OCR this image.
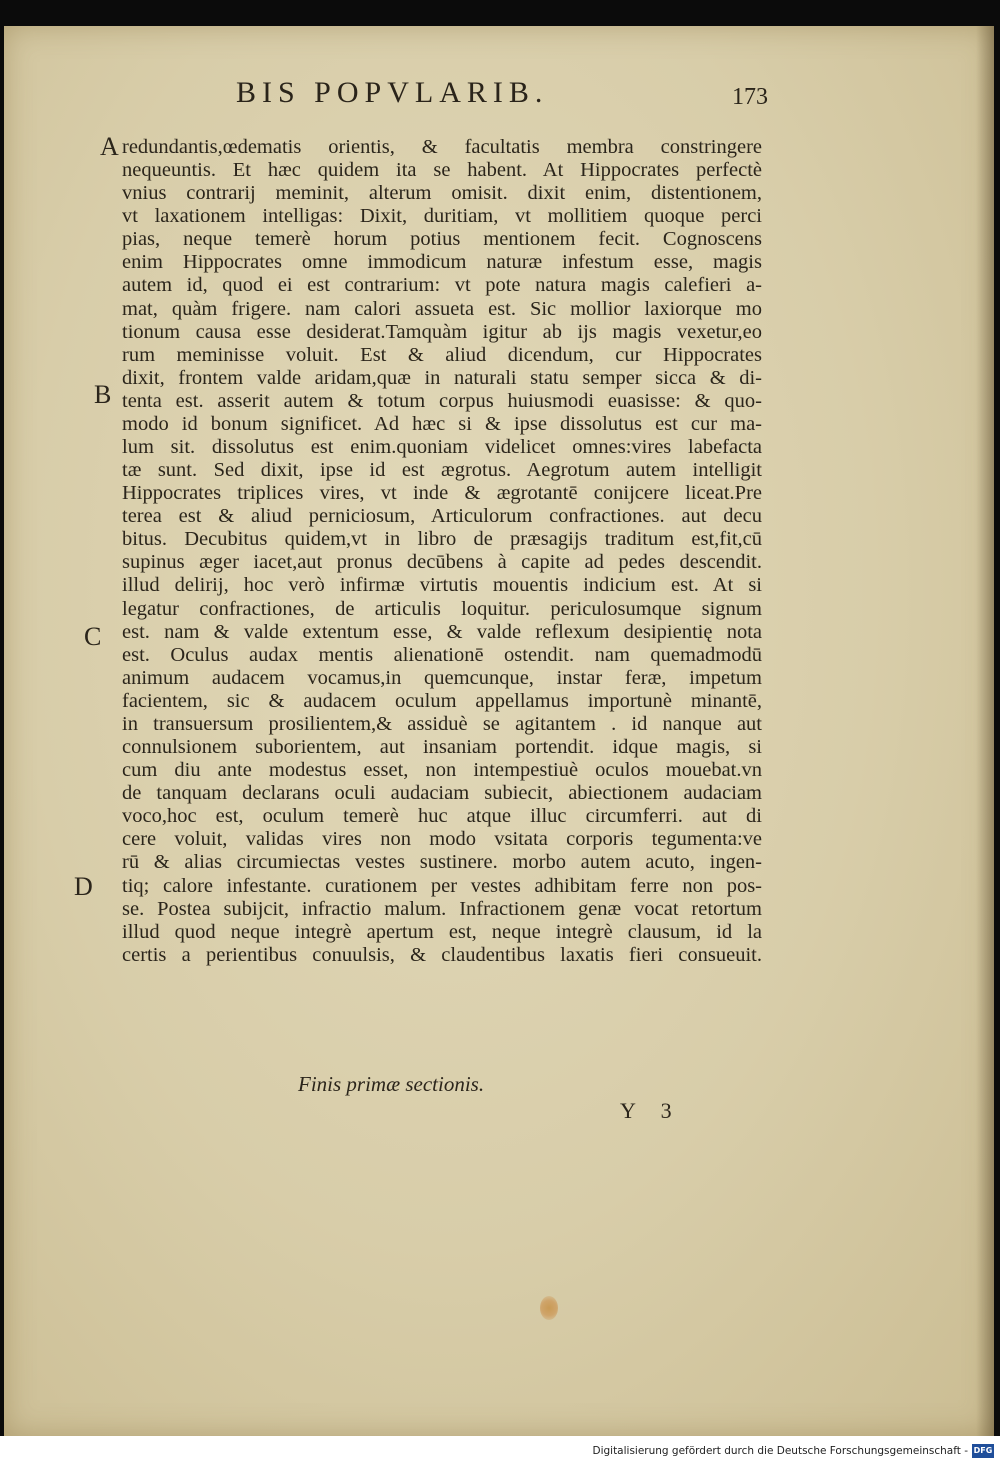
BIS POPVLARIB.	173
A
B
C
D
redundantis,œdematis orientis, & facultatis membra constringere
nequeuntis. Et hæc quidem ita se habent. At Hippocrates perfectè
vnius contrarij meminit, alterum omisit. dixit enim, distentionem,
vt laxationem intelligas: Dixit, duritiam, vt mollitiem quoque perci
pias, neque temerè horum potius mentionem fecit. Cognoscens
enim Hippocrates omne immodicum naturæ infestum esse, magis
autem id, quod ei est contrarium: vt pote natura magis calefieri a-
mat, quàm frigere. nam calori assueta est. Sic mollior laxiorque mo
tionum causa esse desiderat.Tamquàm igitur ab ijs magis vexetur,eo
rum meminisse voluit. Est & aliud dicendum, cur Hippocrates
dixit, frontem valde aridam,quæ in naturali statu semper sicca & di-
tenta est. asserit autem & totum corpus huiusmodi euasisse: & quo-
modo id bonum significet. Ad hæc si & ipse dissolutus est cur ma-
lum sit. dissolutus est enim.quoniam videlicet omnes:vires labefacta
tæ sunt. Sed dixit, ipse id est ægrotus. Aegrotum autem intelligit
Hippocrates triplices vires, vt inde & ægrotantē conijcere liceat.Pre
terea est & aliud perniciosum, Articulorum confractiones. aut decu
bitus. Decubitus quidem,vt in libro de præsagijs traditum est,fit,cū
supinus æger iacet,aut pronus decūbens à capite ad pedes descendit.
illud delirij, hoc verò infirmæ virtutis mouentis indicium est. At si
legatur confractiones, de articulis loquitur. periculosumque signum
est. nam & valde extentum esse, & valde reflexum desipientię nota
est. Oculus audax mentis alienationē ostendit. nam quemadmodū
animum audacem vocamus,in quemcunque, instar feræ, impetum
facientem, sic & audacem oculum appellamus importunè minantē,
in transuersum prosilientem,& assiduè se agitantem . id nanque aut
connulsionem suborientem, aut insaniam portendit. idque magis, si
cum diu ante modestus esset, non intempestiuè oculos mouebat.vn
de tanquam declarans oculi audaciam subiecit, abiectionem audaciam
voco,hoc est, oculum temerè huc atque illuc circumferri. aut di
cere voluit, validas vires non modo vsitata corporis tegumenta:ve
rū & alias circumiectas vestes sustinere. morbo autem acuto, ingen-
tiq; calore infestante. curationem per vestes adhibitam ferre non pos-
se. Postea subijcit, infractio malum. Infractionem genæ vocat retortum
illud quod neque integrè apertum est, neque integrè clausum, id la
certis a perientibus conuulsis, & claudentibus laxatis fieri consueuit.
Finis primæ sectionis.
Y 3
Digitalisierung gefördert durch die Deutsche Forschungsgemeinschaft - DFG
